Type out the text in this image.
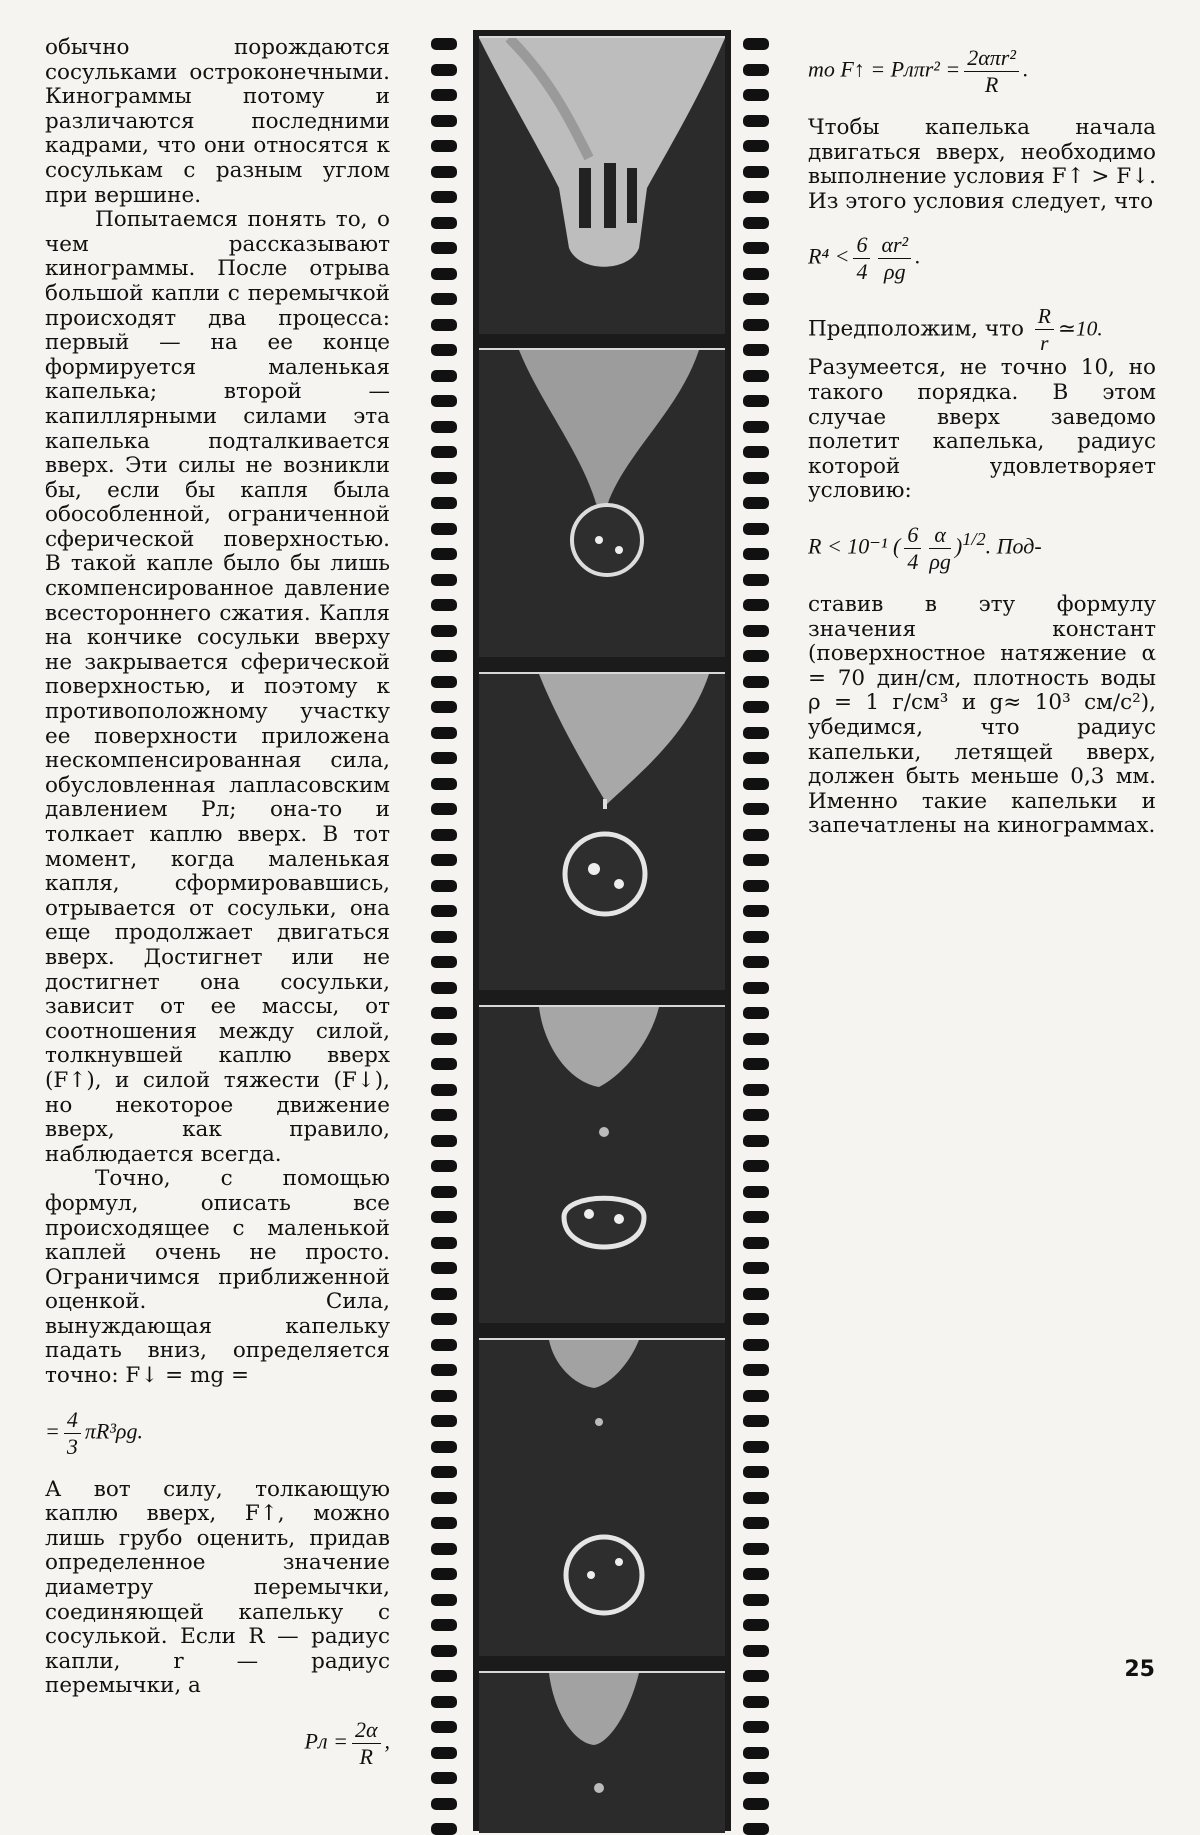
обычно порождаются сосульками остроконечными. Кинограммы потому и различаются последними кадрами, что они относятся к сосулькам с разным углом при вершине.

Попытаемся понять то, о чем рассказывают кинограммы. После отрыва большой капли с перемычкой происходят два процесса: первый — на ее конце формируется маленькая капелька; второй — капиллярными силами эта капелька подталкивается вверх. Эти силы не возникли бы, если бы капля была обособленной, ограниченной сферической поверхностью. В такой капле было бы лишь скомпенсированное давление всестороннего сжатия. Капля на кончике сосульки вверху не закрывается сферической поверхностью, и поэтому к противоположному участку ее поверхности приложена нескомпенсированная сила, обусловленная лапласовским давлением Pл; она-то и толкает каплю вверх. В тот момент, когда маленькая капля, сформировавшись, отрывается от сосульки, она еще продолжает двигаться вверх. Достигнет или не достигнет она сосульки, зависит от ее массы, от соотношения между силой, толкнувшей каплю вверх (F↑), и силой тяжести (F↓), но некоторое движение вверх, как правило, наблюдается всегда.

Точно, с помощью формул, описать все происходящее с маленькой каплей очень не просто. Ограничимся приближенной оценкой. Сила, вынуждающая капельку падать вниз, определяется точно: F↓ = mg =

= $\frac{4}{3} \pi R^3\rho g$.

А вот силу, толкающую каплю вверх, F↑, можно лишь грубо оценить, придав определенное значение диаметру перемычки, соединяющей капельку с сосулькой. Если R — радиус капли, r — радиус перемычки, а

Pл = $\frac{2\alpha}{R}$ ,
то F↑ = $Pл\pi r^2 = \frac{\text{2απr²}}{R}$ .

Чтобы капелька начала двигаться вверх, необходимо выполнение условия F↑ > F↓. Из этого условия следует, что

$R^4 < \frac{6}{4} \frac{\text{αr²}}{\rho g}$ .

Предположим, что $\frac{R}{r}$ ≃10.

Разумеется, не точно 10, но такого порядка. В этом случае вверх заведомо полетит капелька, радиус которой удовлетворяет условию:

R < 10⁻¹ ( $\frac{6}{4} \frac{\alpha}{\rho g} )^{1/2}$. Под-

ставив в эту формулу значения констант (поверхностное натяжение α = 70 дин/см, плотность воды ρ = 1 г/см³ и g≈ 10³ см/с²), убедимся, что радиус капельки, летящей вверх, должен быть меньше 0,3 мм. Именно такие капельки и запечатлены на кинограммах.

25
